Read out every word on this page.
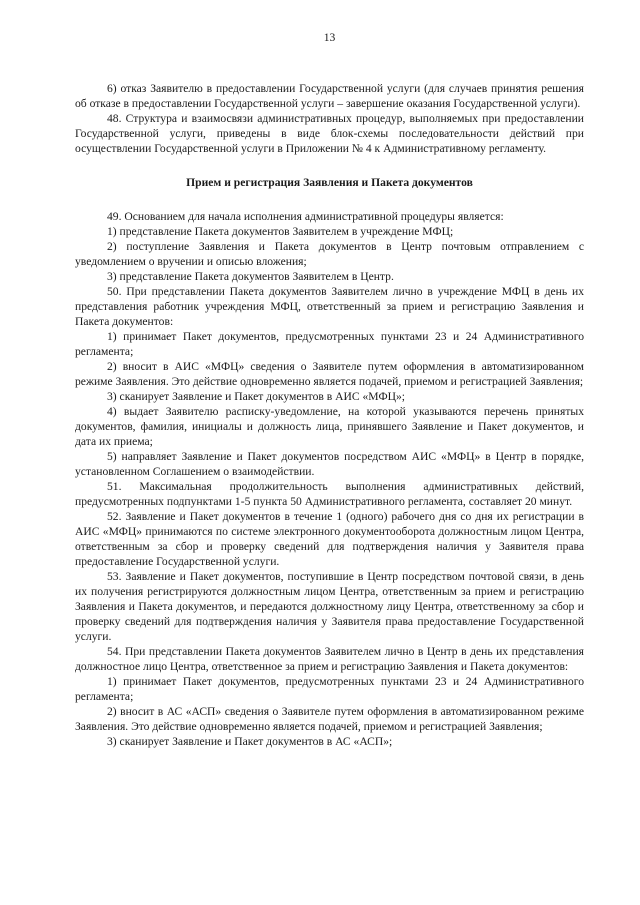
13

6) отказ Заявителю в предоставлении Государственной услуги (для случаев принятия решения об отказе в предоставлении Государственной услуги – завершение оказания Государственной услуги).

48. Структура и взаимосвязи административных процедур, выполняемых при предоставлении Государственной услуги, приведены в виде блок-схемы последовательности действий при осуществлении Государственной услуги в Приложении № 4 к Административному регламенту.

Прием и регистрация Заявления и Пакета документов

49. Основанием для начала исполнения административной процедуры является:

1) представление Пакета документов Заявителем в учреждение МФЦ;

2) поступление Заявления и Пакета документов в Центр почтовым отправлением с уведомлением о вручении и описью вложения;

3) представление Пакета документов Заявителем в Центр.

50. При представлении Пакета документов Заявителем лично в учреждение МФЦ в день их представления работник учреждения МФЦ, ответственный за прием и регистрацию Заявления и Пакета документов:

1) принимает Пакет документов, предусмотренных пунктами 23 и 24 Административного регламента;

2) вносит в АИС «МФЦ» сведения о Заявителе путем оформления в автоматизированном режиме Заявления. Это действие одновременно является подачей, приемом и регистрацией Заявления;

3) сканирует Заявление и Пакет документов в АИС «МФЦ»;

4) выдает Заявителю расписку-уведомление, на которой указываются перечень принятых документов, фамилия, инициалы и должность лица, принявшего Заявление и Пакет документов, и дата их приема;

5) направляет Заявление и Пакет документов посредством АИС «МФЦ» в Центр в порядке, установленном Соглашением о взаимодействии.

51. Максимальная продолжительность выполнения административных действий, предусмотренных подпунктами 1-5 пункта 50 Административного регламента, составляет 20 минут.

52. Заявление и Пакет документов в течение 1 (одного) рабочего дня со дня их регистрации в АИС «МФЦ» принимаются по системе электронного документооборота должностным лицом Центра, ответственным за сбор и проверку сведений для подтверждения наличия у Заявителя права предоставление Государственной услуги.

53. Заявление и Пакет документов, поступившие в Центр посредством почтовой связи, в день их получения регистрируются должностным лицом Центра, ответственным за прием и регистрацию Заявления и Пакета документов, и передаются должностному лицу Центра, ответственному за сбор и проверку сведений для подтверждения наличия у Заявителя права предоставление Государственной услуги.

54. При представлении Пакета документов Заявителем лично в Центр в день их представления должностное лицо Центра, ответственное за прием и регистрацию Заявления и Пакета документов:

1) принимает Пакет документов, предусмотренных пунктами 23 и 24 Административного регламента;

2) вносит в АС «АСП» сведения о Заявителе путем оформления в автоматизированном режиме Заявления. Это действие одновременно является подачей, приемом и регистрацией Заявления;

3) сканирует Заявление и Пакет документов в АС «АСП»;
